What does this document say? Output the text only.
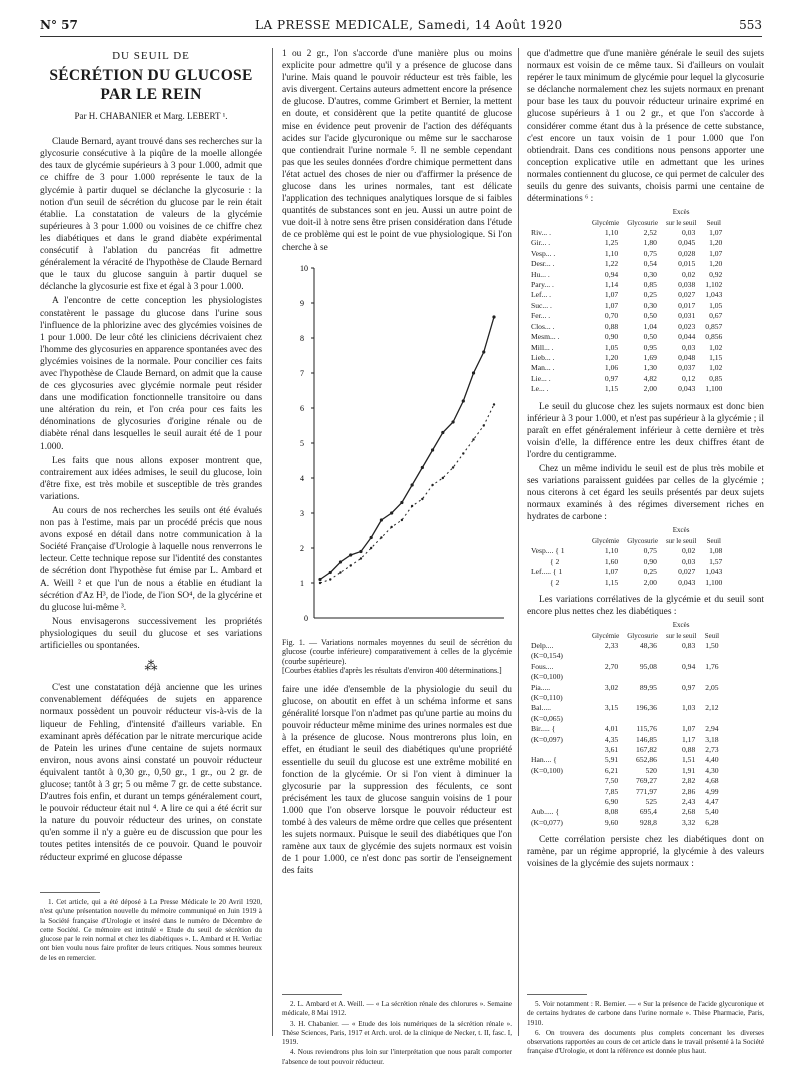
N° 57	LA PRESSE MEDICALE, Samedi, 14 Août 1920	553
DU SEUIL DE
SÉCRÉTION DU GLUCOSE
PAR LE REIN
Par H. CHABANIER et Marg. LEBERT ¹.

Claude Bernard, ayant trouvé dans ses recherches sur la glycosurie consécutive à la piqûre de la moelle allongée des taux de glycémie supérieurs à 3 pour 1.000, admit que ce chiffre de 3 pour 1.000 représente le taux de la glycémie à partir duquel se déclanche la glycosurie : la notion d'un seuil de sécrétion du glucose par le rein était établie. La constatation de valeurs de la glycémie supérieures à 3 pour 1.000 ou voisines de ce chiffre chez les diabétiques et dans le grand diabète expérimental consécutif à l'ablation du pancréas fit admettre généralement la véracité de l'hypothèse de Claude Bernard que le taux du glucose sanguin à partir duquel se déclanche la glycosurie est fixe et égal à 3 pour 1.000.

A l'encontre de cette conception les physiologistes constatèrent le passage du glucose dans l'urine sous l'influence de la phlorizine avec des glycémies voisines de 1 pour 1.000. De leur côté les cliniciens décrivaient chez l'homme des glycosuries en apparence spontanées avec des glycémies voisines de la normale. Pour concilier ces faits avec l'hypothèse de Claude Bernard, on admit que la cause de ces glycosuries avec glycémie normale peut résider dans une modification fonctionnelle transitoire ou dans une altération du rein, et l'on créa pour ces faits les dénominations de glycosuries d'origine rénale ou de diabète rénal dans lesquelles le seuil aurait été de 1 pour 1.000.

Les faits que nous allons exposer montrent que, contrairement aux idées admises, le seuil du glucose, loin d'être fixe, est très mobile et susceptible de très grandes variations.

Au cours de nos recherches les seuils ont été évalués non pas à l'estime, mais par un procédé précis que nous avons exposé en détail dans notre communication à la Société Française d'Urologie à laquelle nous renverrons le lecteur. Cette technique repose sur l'identité des constantes de sécrétion dont l'hypothèse fut émise par L. Ambard et A. Weill ² et que l'un de nous a établie en étudiant la sécrétion d'Az H³, de l'iode, de l'ion SO⁴, de la glycérine et du glucose lui-même ³.

Nous envisagerons successivement les propriétés physiologiques du seuil du glucose et ses variations artificielles ou spontanées.

⁂

C'est une constatation déjà ancienne que les urines convenablement déféquées de sujets en apparence normaux possèdent un pouvoir réducteur vis-à-vis de la liqueur de Fehling, d'intensité d'ailleurs variable. En examinant après défécation par le nitrate mercurique acide de Patein les urines d'une centaine de sujets normaux environ, nous avons ainsi constaté un pouvoir réducteur équivalent tantôt à 0,30 gr., 0,50 gr., 1 gr., ou 2 gr. de glucose; tantôt à 3 gr; 5 ou même 7 gr. de cette substance. D'autres fois enfin, et durant un temps généralement court, le pouvoir réducteur était nul ⁴. A lire ce qui a été écrit sur la nature du pouvoir réducteur des urines, on constate qu'en somme il n'y a guère eu de discussion que pour les toutes petites intensités de ce pouvoir. Quand le pouvoir réducteur exprimé en glucose dépasse

1 ou 2 gr., l'on s'accorde d'une manière plus ou moins explicite pour admettre qu'il y a présence de glucose dans l'urine. Mais quand le pouvoir réducteur est très faible, les avis divergent. Certains auteurs admettent encore la présence de glucose. D'autres, comme Grimbert et Bernier, la mettent en doute, et considèrent que la petite quantité de glucose mise en évidence peut provenir de l'action des déféquants acides sur l'acide glycuronique ou même sur le saccharose que contiendrait l'urine normale ⁵. Il ne semble cependant pas que les seules données d'ordre chimique permettent dans l'état actuel des choses de nier ou d'affirmer la présence de glucose dans les urines normales, tant est délicate l'application des techniques analytiques lorsque de si faibles quantités de substances sont en jeu. Aussi un autre point de vue doit-il à notre sens être prisen considération dans l'étude de ce problème qui est le point de vue physiologique. Si l'on cherche à se

0
1
2
3
4
5
6
7
8
9
10
Fig. 1. — Variations normales moyennes du seuil de sécrétion du glucose (courbe inférieure) comparativement à celles de la glycémie (courbe supérieure).
[Courbes établies d'après les résultats d'environ 400 déterminations.]

faire une idée d'ensemble de la physiologie du seuil du glucose, on aboutit en effet à un schéma informe et sans généralité lorsque l'on n'admet pas qu'une partie au moins du pouvoir réducteur même minime des urines normales est due à la présence de glucose. Nous montrerons plus loin, en effet, en étudiant le seuil des diabétiques qu'une propriété essentielle du seuil du glucose est une extrême mobilité en fonction de la glycémie. Or si l'on vient à diminuer la glycosurie par la suppression des féculents, ce sont précisément les taux de glucose sanguin voisins de 1 pour 1.000 que l'on observe lorsque le pouvoir réducteur est tombé à des valeurs de même ordre que celles que présentent les sujets normaux. Puisque le seuil des diabétiques que l'on ramène aux taux de glycémie des sujets normaux est voisin de 1 pour 1.000, ce n'est donc pas sortir de l'enseignement des faits

que d'admettre que d'une manière générale le seuil des sujets normaux est voisin de ce même taux. Si d'ailleurs on voulait repérer le taux minimum de glycémie pour lequel la glycosurie se déclanche normalement chez les sujets normaux en prenant pour base les taux du pouvoir réducteur urinaire exprimé en glucose supérieurs à 1 ou 2 gr., et que l'on s'accorde à considérer comme étant dus à la présence de cette substance, c'est encore un taux voisin de 1 pour 1.000 que l'on obtiendrait. Dans ces conditions nous pensons apporter une conception explicative utile en admettant que les urines normales contiennent du glucose, ce qui permet de calculer des seuils du genre des suivants, choisis parmi une centaine de déterminations ⁶ :

			Excès	
	Glycémie	Glycosurie	sur le seuil	Seuil
Riv... .	1,10	2,52	0,03	1,07
Gir... .	1,25	1,80	0,045	1,20
Vesp... .	1,10	0,75	0,028	1,07
Desr... .	1,22	0,54	0,015	1,20
Hu... .	0,94	0,30	0,02	0,92
Pary... .	1,14	0,85	0,038	1,102
Lef... .	1,07	0,25	0,027	1,043
Suc... .	1,07	0,30	0,017	1,05
Fer... .	0,70	0,50	0,031	0,67
Clos... .	0,88	1,04	0,023	0,857
Mesm... .	0,90	0,50	0,044	0,856
Mill... .	1,05	0,95	0,03	1,02
Lieb... .	1,20	1,69	0,048	1,15
Man... .	1,06	1,30	0,037	1,02
Lie... .	0,97	4,82	0,12	0,85
Le... .	1,15	2,00	0,043	1,100

Le seuil du glucose chez les sujets normaux est donc bien inférieur à 3 pour 1.000, et n'est pas supérieur à la glycémie ; il paraît en effet généralement inférieur à cette dernière et très voisin d'elle, la différence entre les deux chiffres étant de l'ordre du centigramme.

Chez un même individu le seuil est de plus très mobile et ses variations paraissent guidées par celles de la glycémie ; nous citerons à cet égard les seuils présentés par deux sujets normaux examinés à des régimes diversement riches en hydrates de carbone :

			Excès	
	Glycémie	Glycosurie	sur le seuil	Seuil
Vesp.... { 1	1,10	0,75	0,02	1,08
{ 2	1,60	0,90	0,03	1,57
Lef..... { 1	1,07	0,25	0,027	1,043
{ 2	1,15	2,00	0,043	1,100

Les variations corrélatives de la glycémie et du seuil sont encore plus nettes chez les diabétiques :

			Excès	
	Glycémie	Glycosurie	sur le seuil	Seuil
Delp....	2,33	48,36	0,83	1,50
(K=0,154)				
Fous....	2,70	95,08	0,94	1,76
(K=0,100)				
Pia.....	3,02	89,95	0,97	2,05
(K=0,110)				
Bal.....	3,15	196,36	1,03	2,12
(K=0,065)				
Bir..... {	4,01	115,76	1,07	2,94
(K=0,097)	4,35	146,85	1,17	3,18
	3,61	167,82	0,88	2,73
Han.... {	5,91	652,86	1,51	4,40
(K=0,100)	6,21	520	1,91	4,30
	7,50	769,27	2,82	4,68
	7,85	771,97	2,86	4,99
	6,90	525	2,43	4,47
Aub..... {	8,08	695,4	2,68	5,40
(K=0,077)	9,60	928,8	3,32	6,28

Cette corrélation persiste chez les diabétiques dont on ramène, par un régime approprié, la glycémie à des valeurs voisines de la glycémie des sujets normaux :

1. Cet article, qui a été déposé à La Presse Médicale le 20 Avril 1920, n'est qu'une présentation nouvelle du mémoire communiqué en Juin 1919 à la Société française d'Urologie et inséré dans le numéro de Décembre de cette Société. Ce mémoire est intitulé « Etude du seuil de sécrétion du glucose par le rein normal et chez les diabétiques ». L. Ambard et H. Verliac ont bien voulu nous faire profiter de leurs critiques. Nous sommes heureux de les en remercier.

2. L. Ambard et A. Weill. — « La sécrétion rénale des chlorures ». Semaine médicale, 8 Mai 1912.

3. H. Chabanier. — « Etude des lois numériques de la sécrétion rénale ». Thèse Sciences, Paris, 1917 et Arch. urol. de la clinique de Necker, t. II, fasc. I, 1919.

4. Nous reviendrons plus loin sur l'interprétation que nous paraît comporter l'absence de tout pouvoir réducteur.

5. Voir notamment : R. Bernier. — « Sur la présence de l'acide glycuronique et de certains hydrates de carbone dans l'urine normale ». Thèse Pharmacie, Paris, 1910.

6. On trouvera des documents plus complets concernant les diverses observations rapportées au cours de cet article dans le travail présenté à la Société française d'Urologie, et dont la référence est donnée plus haut.
